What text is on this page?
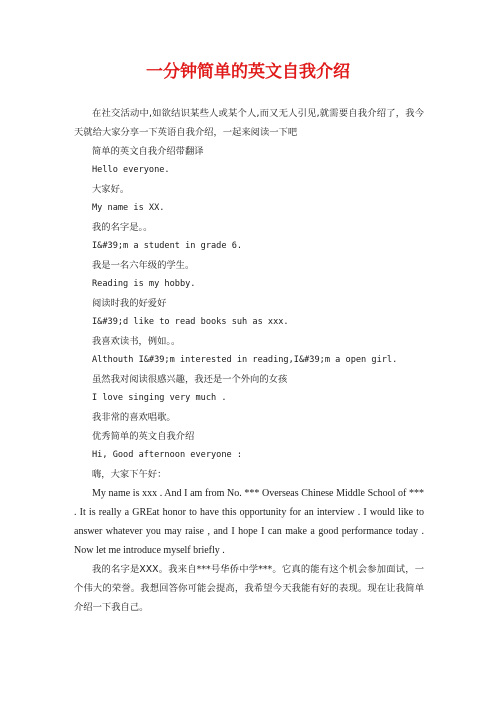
一分钟简单的英文自我介绍

在社交活动中,如欲结识某些人或某个人,而又无人引见,就需要自我介绍了，我今天就给大家分享一下英语自我介绍，一起来阅读一下吧

简单的英文自我介绍带翻译

Hello everyone.

大家好。

My name is XX.

我的名字是。。

I&#39;m a student in grade 6.

我是一名六年级的学生。

Reading is my hobby.

阅读时我的好爱好

I&#39;d like to read books suh as xxx.

我喜欢读书，例如。。

Althouth I&#39;m interested in reading,I&#39;m a open girl.

虽然我对阅读很感兴趣，我还是一个外向的女孩

I love singing very much .

我非常的喜欢唱歌。

优秀简单的英文自我介绍

Hi, Good afternoon everyone :

嗨，大家下午好：

My name is xxx . And I am from No. *** Overseas Chinese Middle School of *** . It is really a GREat honor to have this opportunity for an interview . I would like to answer whatever you may raise , and I hope I can make a good performance today . Now let me introduce myself briefly .

我的名字是XXX。我来自***号华侨中学***。它真的能有这个机会参加面试，一个伟大的荣誉。我想回答你可能会提高，我希望今天我能有好的表现。现在让我简单介绍一下我自己。
